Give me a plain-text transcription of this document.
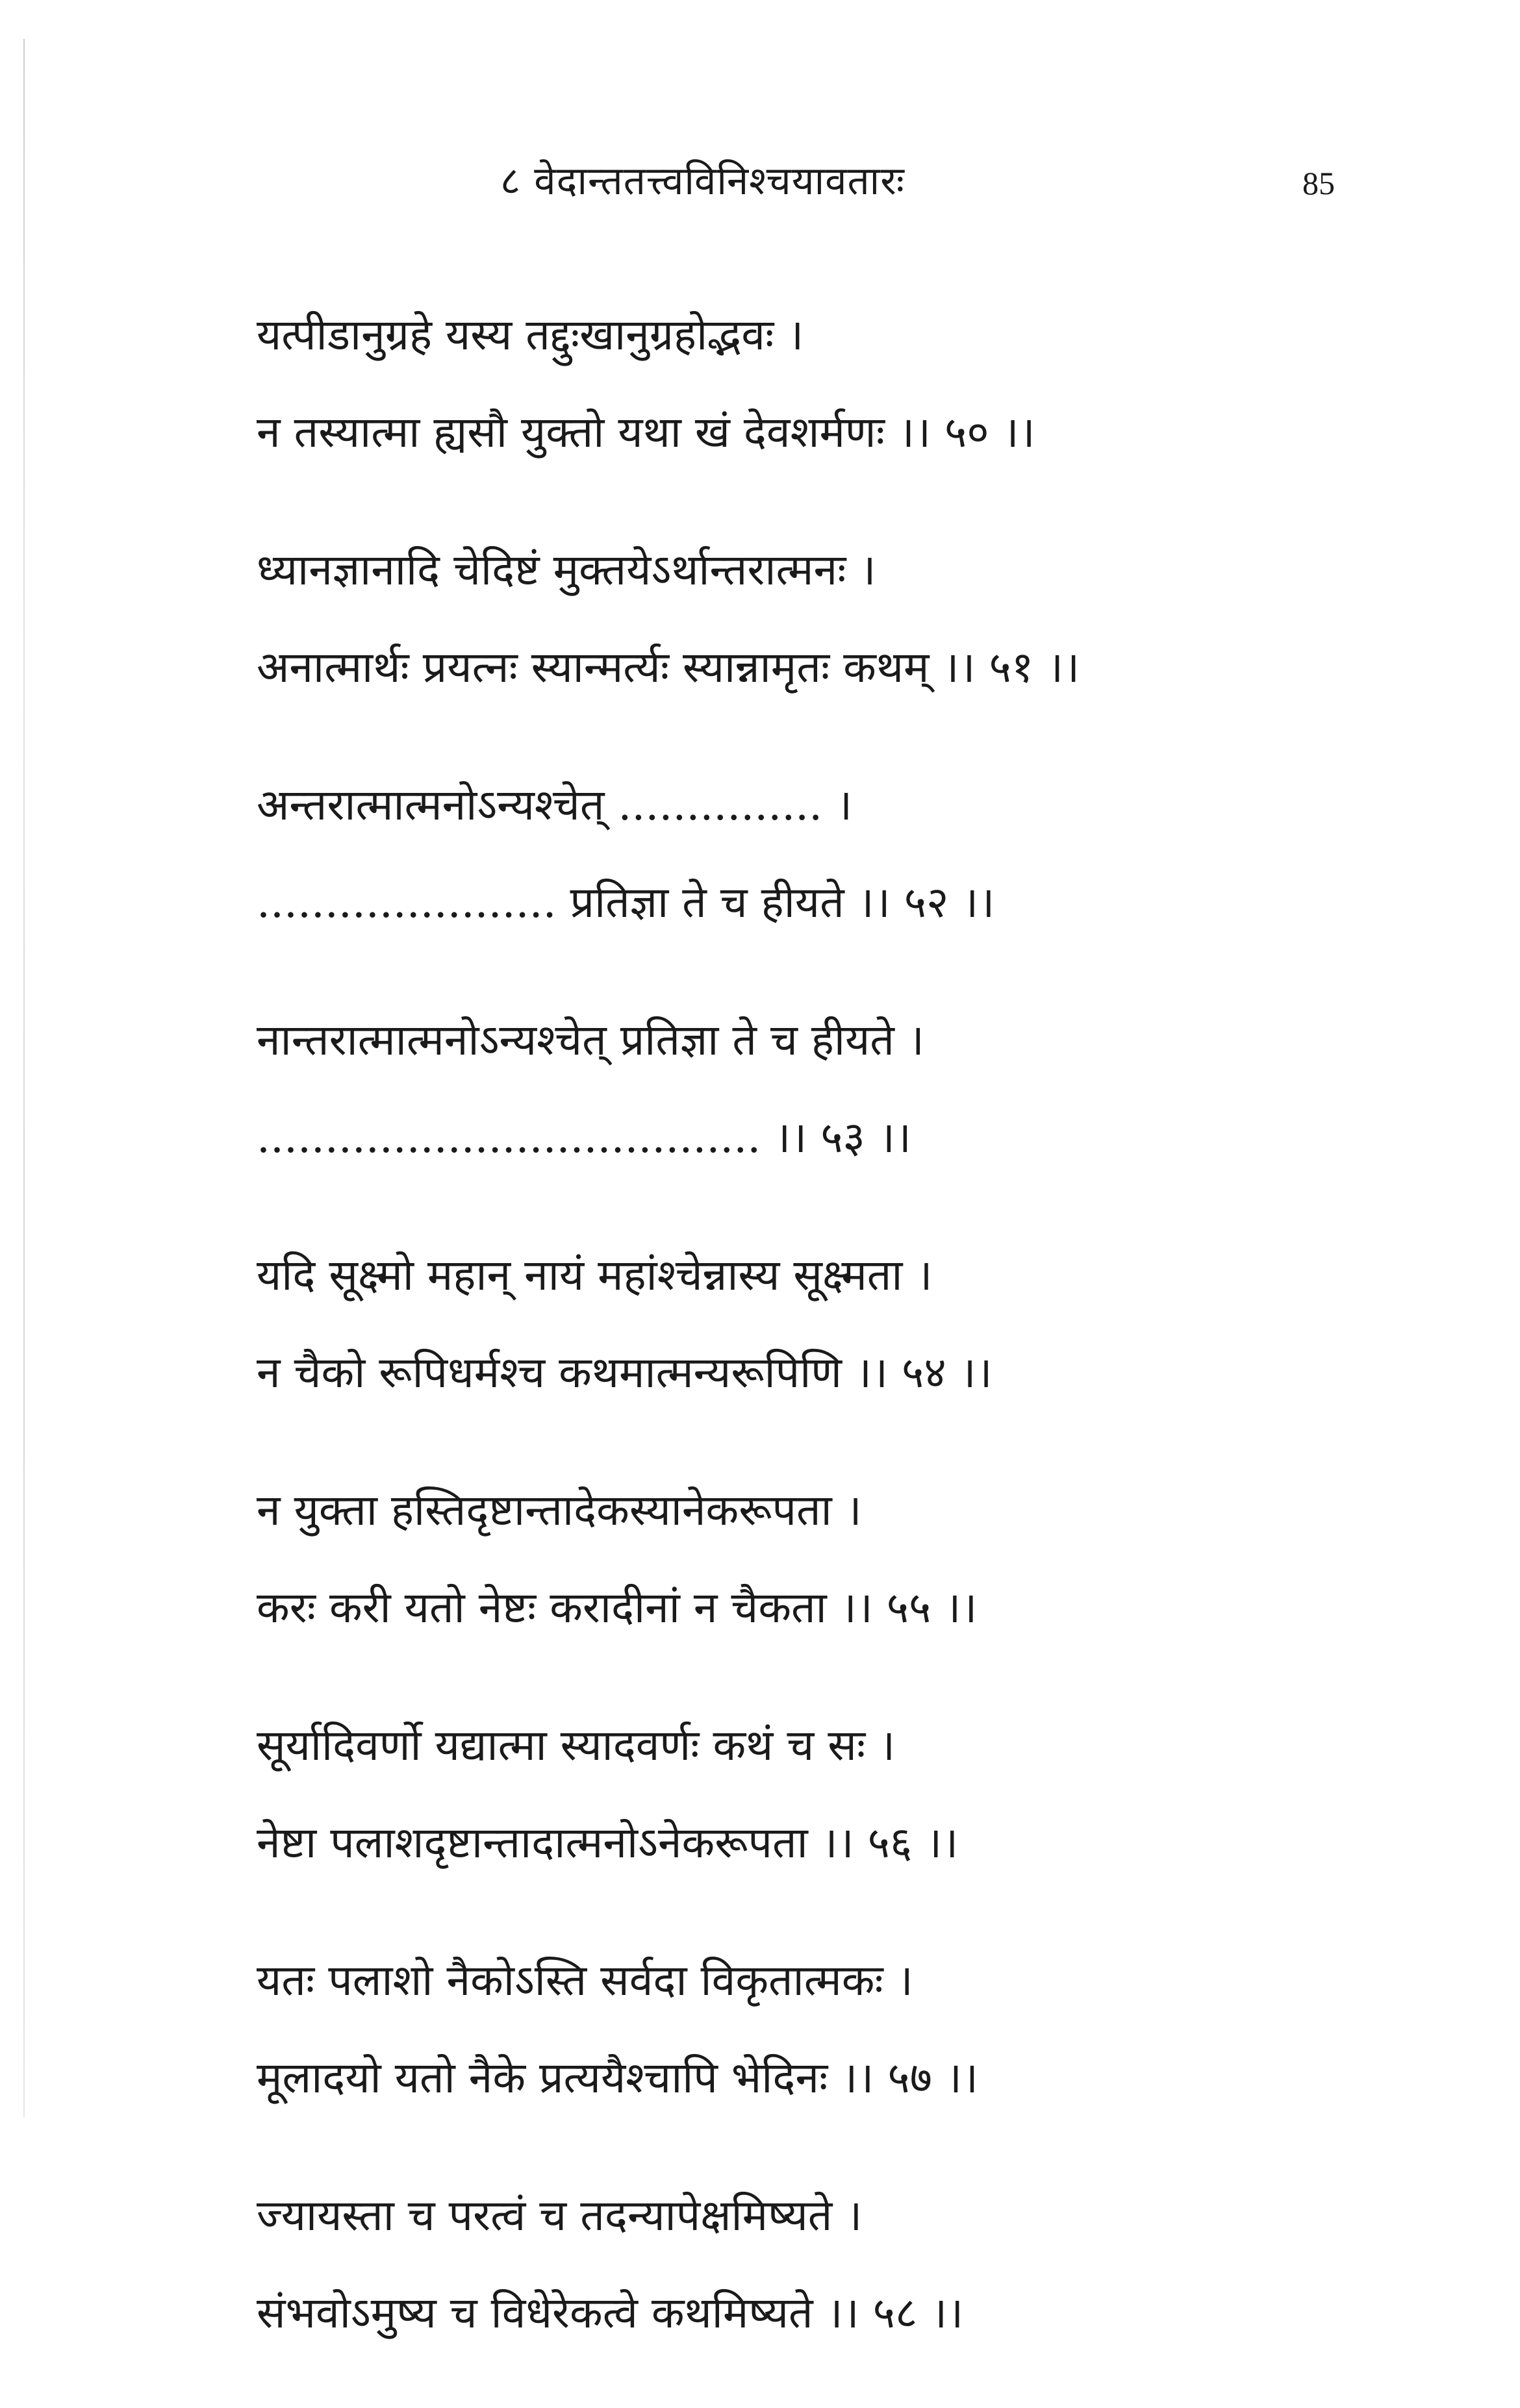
८ वेदान्ततत्त्वविनिश्चयावतारः	85
यत्पीडानुग्रहे यस्य तद्दुःखानुग्रहोद्भवः ।
न तस्यात्मा ह्यसौ युक्तो यथा खं देवशर्मणः ।। ५० ।।
ध्यानज्ञानादि चेदिष्टं मुक्तयेऽर्थान्तरात्मनः ।
अनात्मार्थः प्रयत्नः स्यान्मर्त्यः स्यान्नामृतः कथम् ।। ५१ ।।
अन्तरात्मात्मनोऽन्यश्चेत् ............... ।
...................... प्रतिज्ञा ते च हीयते ।। ५२ ।।
नान्तरात्मात्मनोऽन्यश्चेत् प्रतिज्ञा ते च हीयते ।
..................................... ।। ५३ ।।
यदि सूक्ष्मो महान् नायं महांश्चेन्नास्य सूक्ष्मता ।
न चैको रूपिधर्मश्च कथमात्मन्यरूपिणि ।। ५४ ।।
न युक्ता हस्तिदृष्टान्तादेकस्यानेकरूपता ।
करः करी यतो नेष्टः करादीनां न चैकता ।। ५५ ।।
सूर्यादिवर्णो यद्यात्मा स्यादवर्णः कथं च सः ।
नेष्टा पलाशदृष्टान्तादात्मनोऽनेकरूपता ।। ५६ ।।
यतः पलाशो नैकोऽस्ति सर्वदा विकृतात्मकः ।
मूलादयो यतो नैके प्रत्ययैश्चापि भेदिनः ।। ५७ ।।
ज्यायस्ता च परत्वं च तदन्यापेक्षमिष्यते ।
संभवोऽमुष्य च विधेरेकत्वे कथमिष्यते ।। ५८ ।।
